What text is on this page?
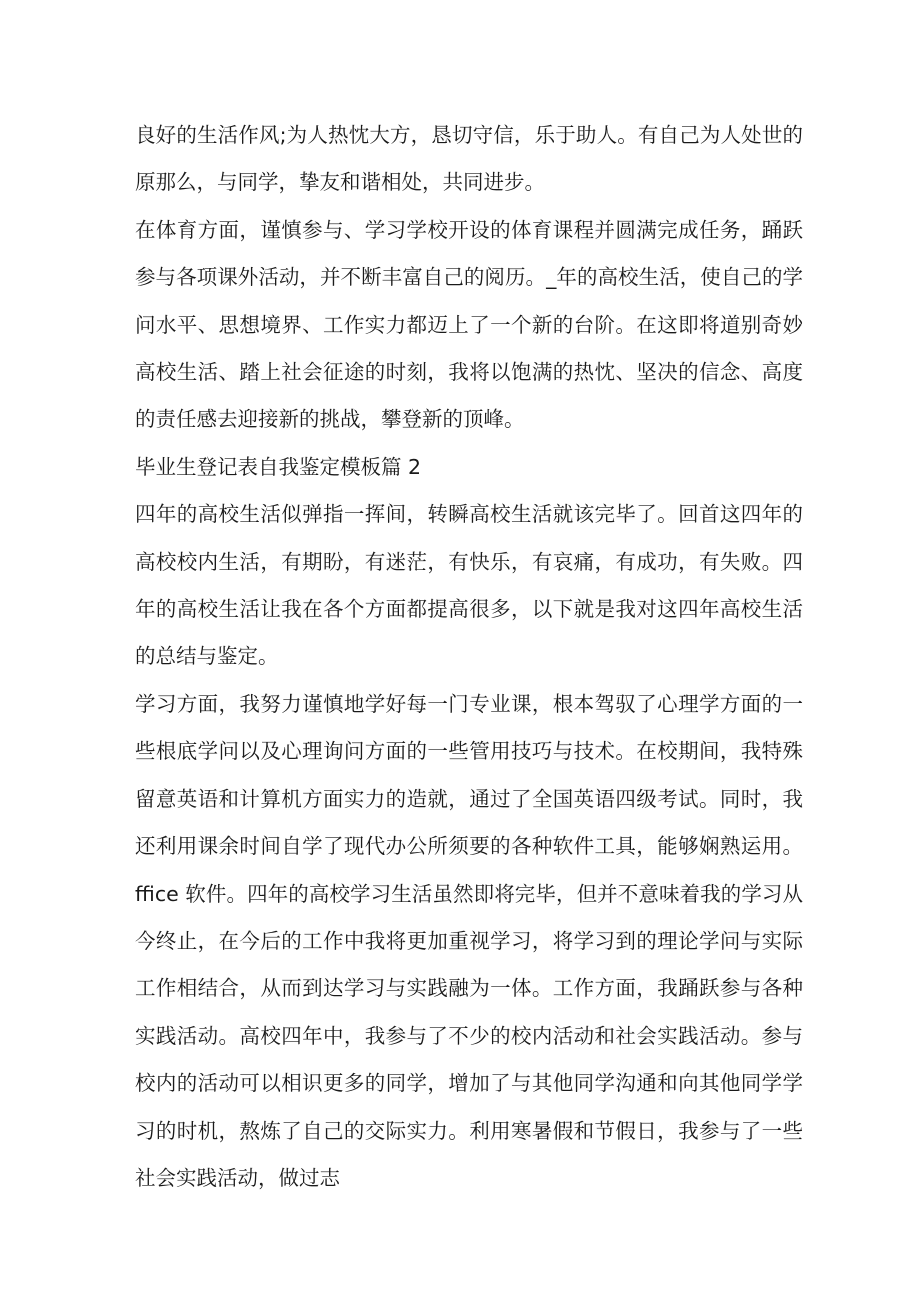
良好的生活作风;为人热忱大方，恳切守信，乐于助人。有自己为人处世的原那么，与同学，挚友和谐相处，共同进步。

在体育方面，谨慎参与、学习学校开设的体育课程并圆满完成任务，踊跃参与各项课外活动，并不断丰富自己的阅历。_年的高校生活，使自己的学问水平、思想境界、工作实力都迈上了一个新的台阶。在这即将道别奇妙高校生活、踏上社会征途的时刻，我将以饱满的热忱、坚决的信念、高度的责任感去迎接新的挑战，攀登新的顶峰。

毕业生登记表自我鉴定模板篇 2

四年的高校生活似弹指一挥间，转瞬高校生活就该完毕了。回首这四年的高校校内生活，有期盼，有迷茫，有快乐，有哀痛，有成功，有失败。四年的高校生活让我在各个方面都提高很多，以下就是我对这四年高校生活的总结与鉴定。

学习方面，我努力谨慎地学好每一门专业课，根本驾驭了心理学方面的一些根底学问以及心理询问方面的一些管用技巧与技术。在校期间，我特殊留意英语和计算机方面实力的造就，通过了全国英语四级考试。同时，我还利用课余时间自学了现代办公所须要的各种软件工具，能够娴熟运用。ffice 软件。四年的高校学习生活虽然即将完毕，但并不意味着我的学习从今终止，在今后的工作中我将更加重视学习，将学习到的理论学问与实际工作相结合，从而到达学习与实践融为一体。工作方面，我踊跃参与各种实践活动。高校四年中，我参与了不少的校内活动和社会实践活动。参与校内的活动可以相识更多的同学，增加了与其他同学沟通和向其他同学学习的时机，熬炼了自己的交际实力。利用寒暑假和节假日，我参与了一些社会实践活动，做过志
